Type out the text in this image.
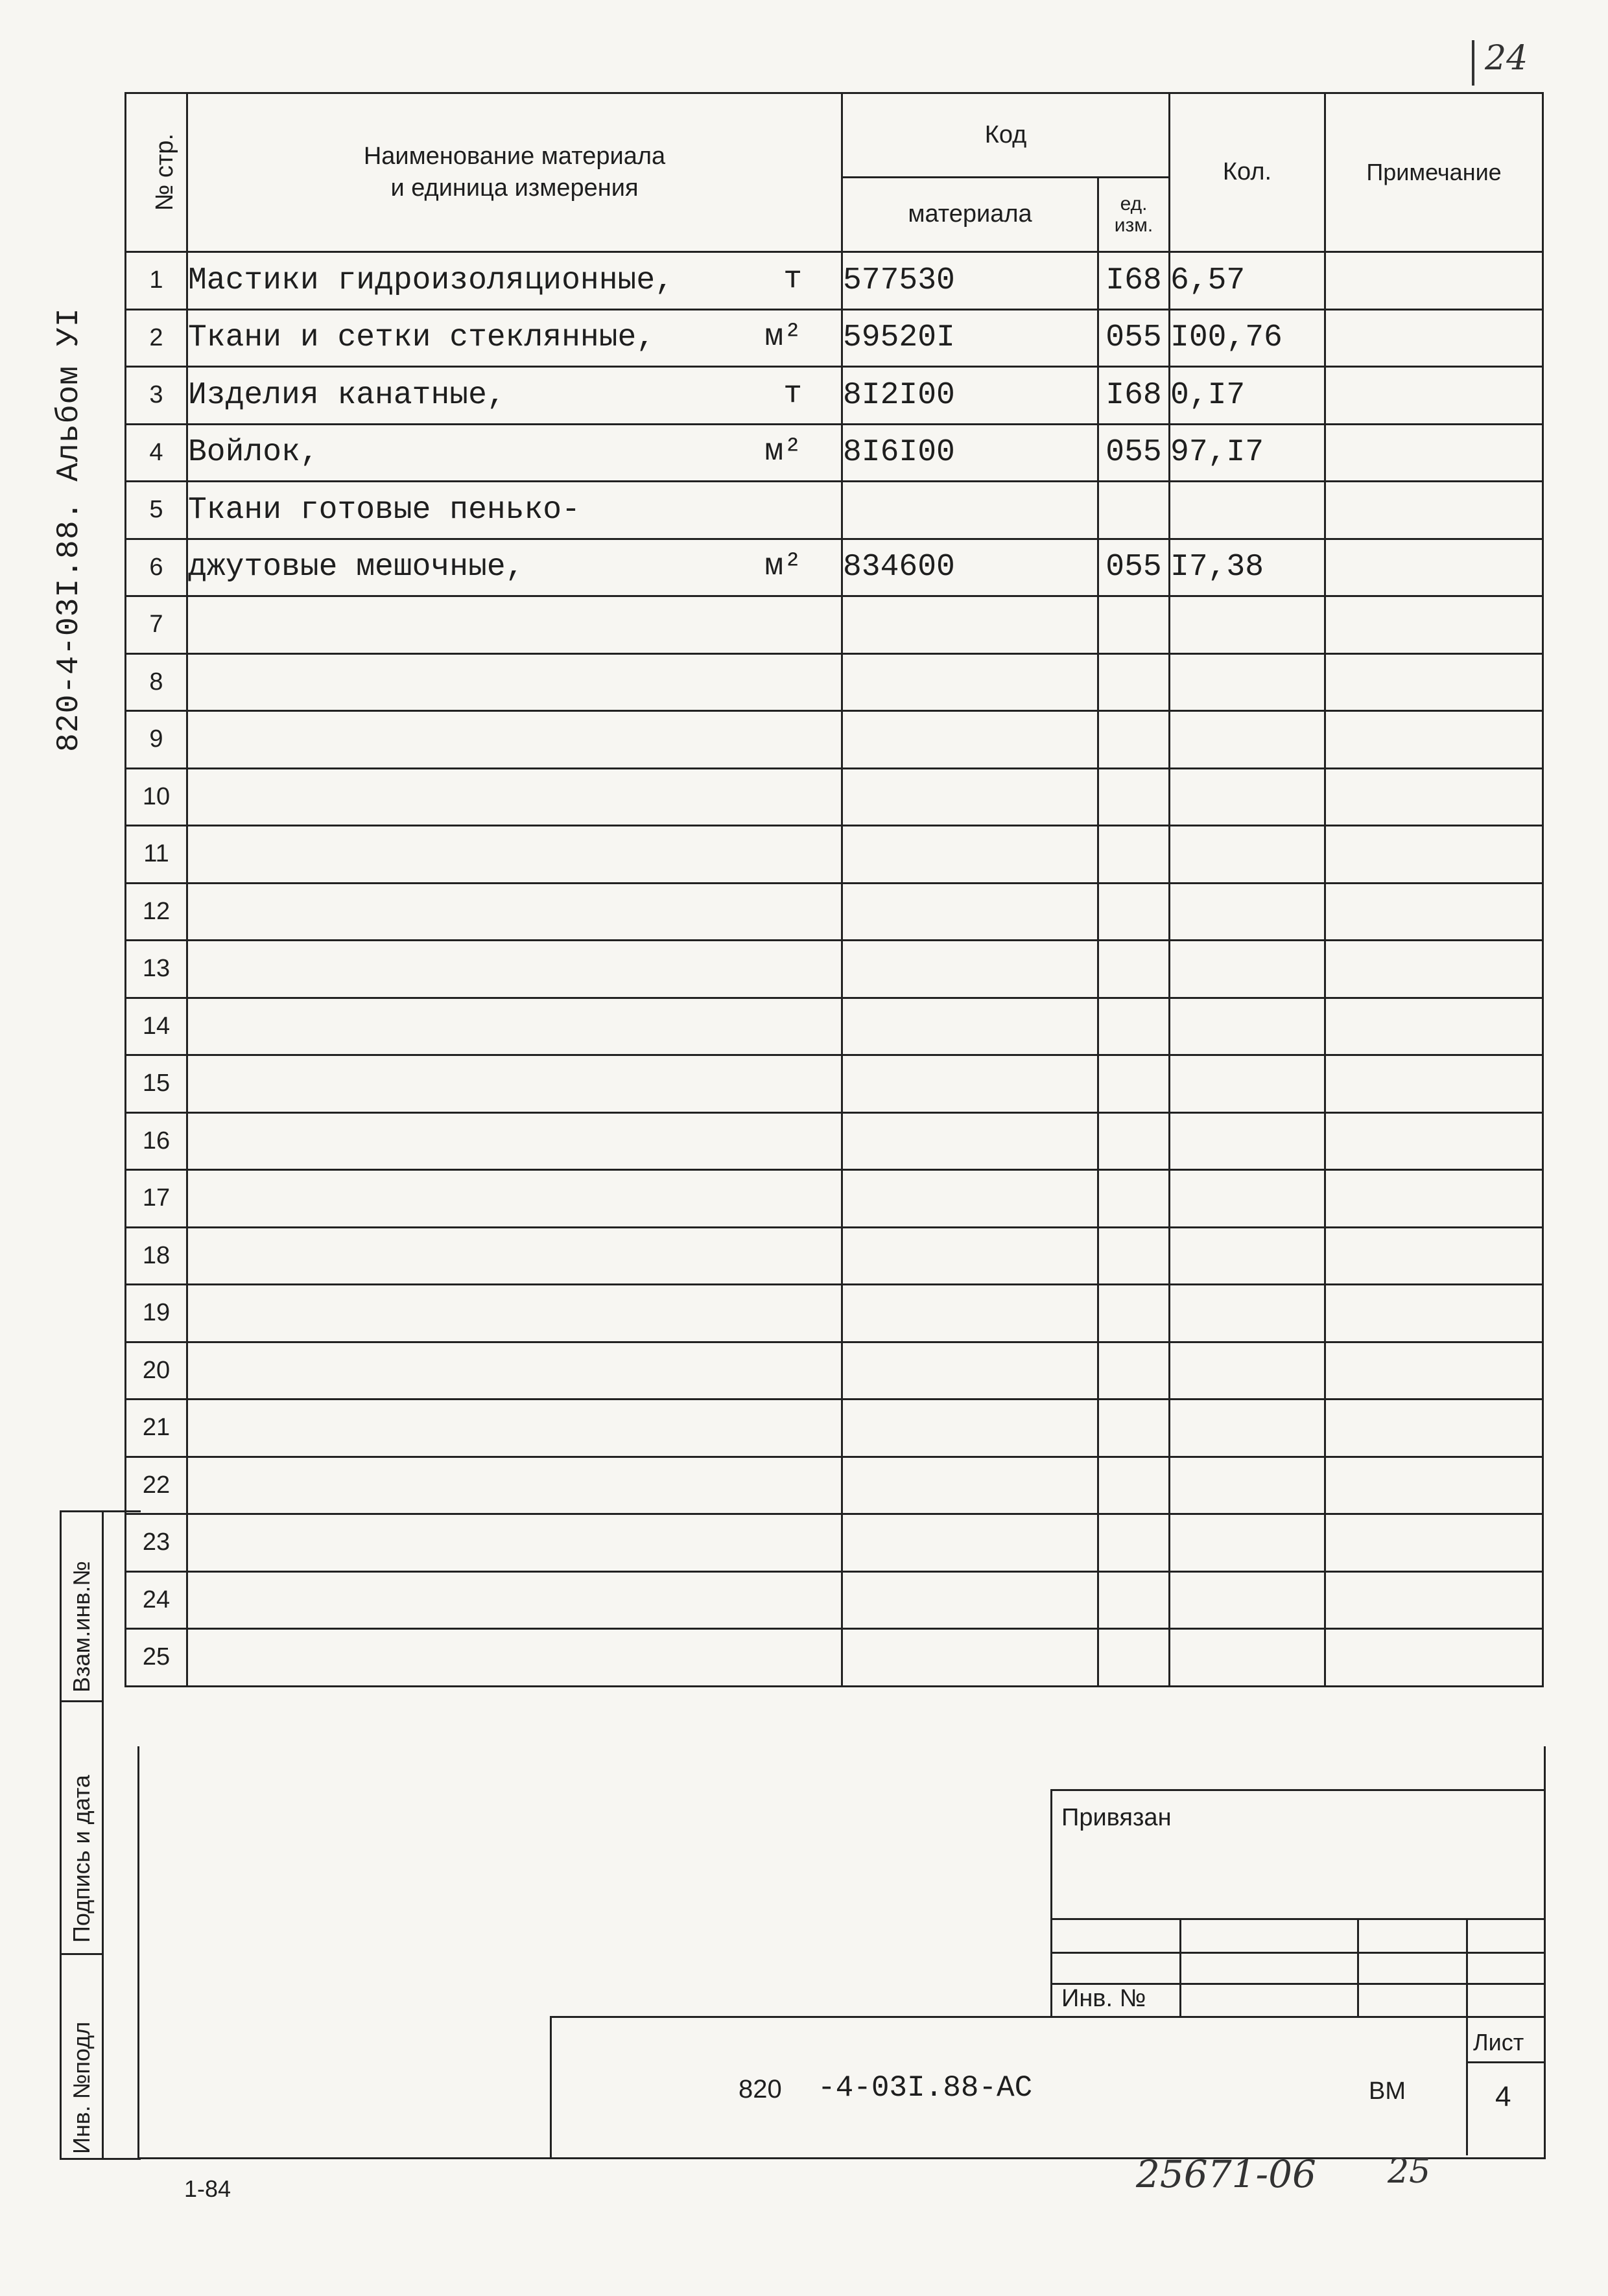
24
820-4-03I.88. Альбом УI
№ стр.	Наименование материала
и единица измерения	Код		Кол.	Примечание
		материала	ед. изм.		
1	Мастики гидроизоляционные, т	577530	I68	6,57	
2	Ткани и сетки стеклянные, м²	59520I	055	I00,76	
3	Изделия канатные, т	8I2I00	I68	0,I7	
4	Войлок, м²	8I6I00	055	97,I7	
5	Ткани готовые пенько-

6	джутовые мешочные, м²	834600	055	I7,38	
7	

8	

9	

10	

11	

12	

13	

14	

15	

16	

17	

18	

19	

20	

21	

22	

23	

24	

25	

Привязан
Инв. №
820 -4-03I.88-АС	ВМ
Лист
4
Взам.инв.№
Подпись и дата
Инв. №подл
1-84	25671-06 25
